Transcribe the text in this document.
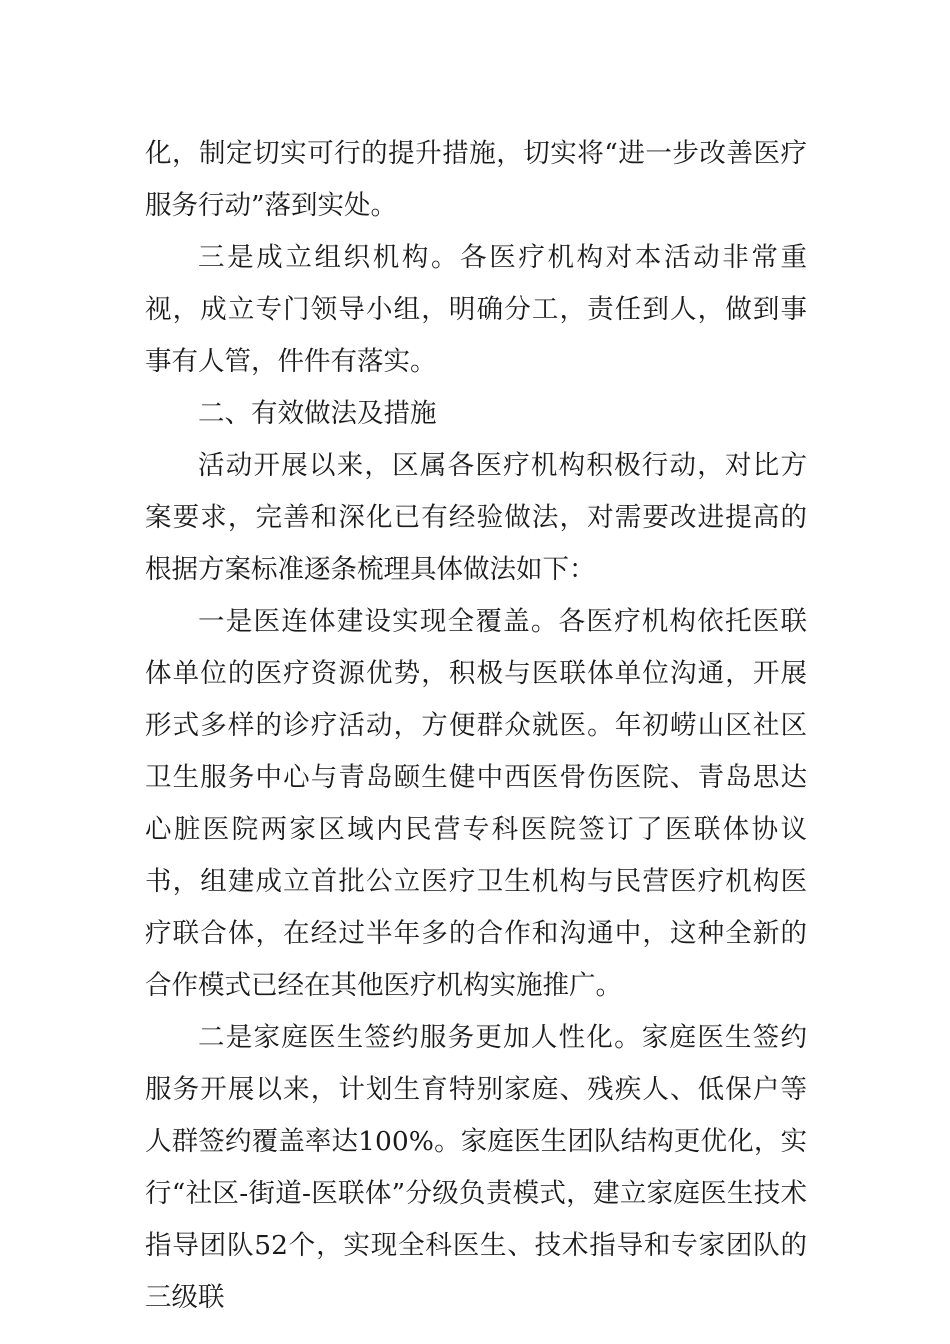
化，制定切实可行的提升措施，切实将“进一步改善医疗服务行动”落到实处。

三是成立组织机构。各医疗机构对本活动非常重视，成立专门领导小组，明确分工，责任到人，做到事事有人管，件件有落实。

二、有效做法及措施

活动开展以来，区属各医疗机构积极行动，对比方案要求，完善和深化已有经验做法，对需要改进提高的根据方案标准逐条梳理具体做法如下：

一是医连体建设实现全覆盖。各医疗机构依托医联体单位的医疗资源优势，积极与医联体单位沟通，开展形式多样的诊疗活动，方便群众就医。年初崂山区社区卫生服务中心与青岛颐生健中西医骨伤医院、青岛思达心脏医院两家区域内民营专科医院签订了医联体协议书，组建成立首批公立医疗卫生机构与民营医疗机构医疗联合体，在经过半年多的合作和沟通中，这种全新的合作模式已经在其他医疗机构实施推广。

二是家庭医生签约服务更加人性化。家庭医生签约服务开展以来，计划生育特别家庭、残疾人、低保户等人群签约覆盖率达100%。家庭医生团队结构更优化，实行“社区-街道-医联体”分级负责模式，建立家庭医生技术指导团队52个，实现全科医生、技术指导和专家团队的三级联
